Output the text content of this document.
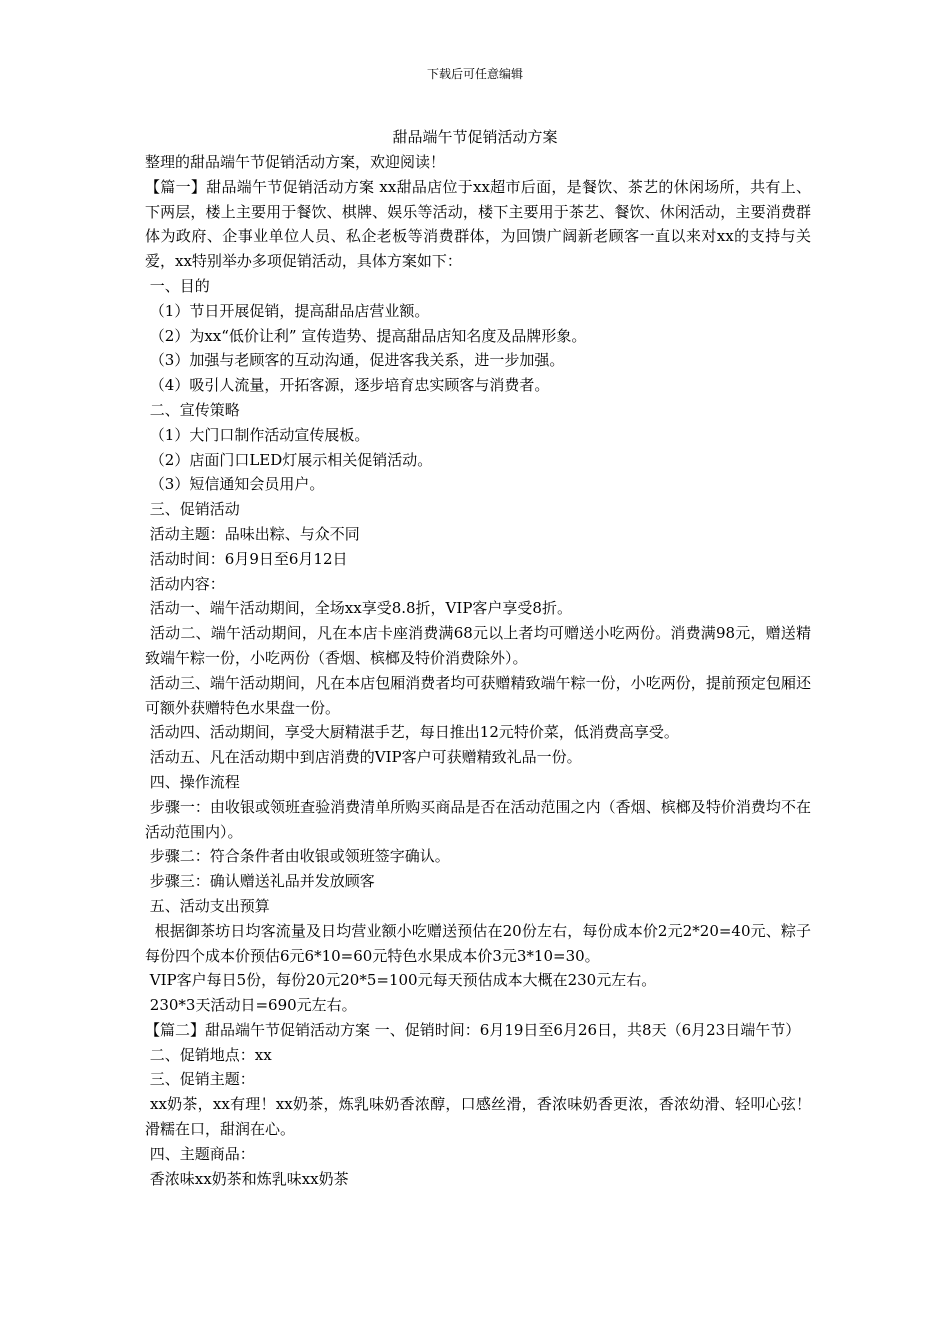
下载后可任意编辑
甜品端午节促销活动方案

整理的甜品端午节促销活动方案，欢迎阅读！

【篇一】甜品端午节促销活动方案 xx甜品店位于xx超市后面，是餐饮、茶艺的休闲场所，共有上、下两层，楼上主要用于餐饮、棋牌、娱乐等活动，楼下主要用于茶艺、餐饮、休闲活动，主要消费群体为政府、企事业单位人员、私企老板等消费群体，为回馈广阔新老顾客一直以来对xx的支持与关爱，xx特别举办多项促销活动，具体方案如下：

一、目的

（1）节日开展促销，提高甜品店营业额。

（2）为xx“低价让利” 宣传造势、提高甜品店知名度及品牌形象。

（3）加强与老顾客的互动沟通，促进客我关系，进一步加强。

（4）吸引人流量，开拓客源，逐步培育忠实顾客与消费者。

二、宣传策略

（1）大门口制作活动宣传展板。

（2）店面门口LED灯展示相关促销活动。

（3）短信通知会员用户。

三、促销活动

活动主题：品味出粽、与众不同

活动时间：6月9日至6月12日

活动内容：

活动一、端午活动期间，全场xx享受8.8折，VIP客户享受8折。

活动二、端午活动期间，凡在本店卡座消费满68元以上者均可赠送小吃两份。消费满98元，赠送精致端午粽一份，小吃两份（香烟、槟榔及特价消费除外）。

活动三、端午活动期间，凡在本店包厢消费者均可获赠精致端午粽一份，小吃两份，提前预定包厢还可额外获赠特色水果盘一份。

活动四、活动期间，享受大厨精湛手艺，每日推出12元特价菜，低消费高享受。

活动五、凡在活动期中到店消费的VIP客户可获赠精致礼品一份。

四、操作流程

步骤一：由收银或领班查验消费清单所购买商品是否在活动范围之内（香烟、槟榔及特价消费均不在活动范围内）。

步骤二：符合条件者由收银或领班签字确认。

步骤三：确认赠送礼品并发放顾客

五、活动支出预算

根据御茶坊日均客流量及日均营业额小吃赠送预估在20份左右，每份成本价2元2*20=40元、粽子每份四个成本价预估6元6*10=60元特色水果成本价3元3*10=30。

VIP客户每日5份，每份20元20*5=100元每天预估成本大概在230元左右。

230*3天活动日=690元左右。

【篇二】甜品端午节促销活动方案 一、促销时间：6月19日至6月26日，共8天（6月23日端午节）

二、促销地点：xx

三、促销主题：

xx奶茶，xx有理！xx奶茶，炼乳味奶香浓醇，口感丝滑，香浓味奶香更浓，香浓幼滑、轻叩心弦！滑糯在口，甜润在心。

四、主题商品：

香浓味xx奶茶和炼乳味xx奶茶
